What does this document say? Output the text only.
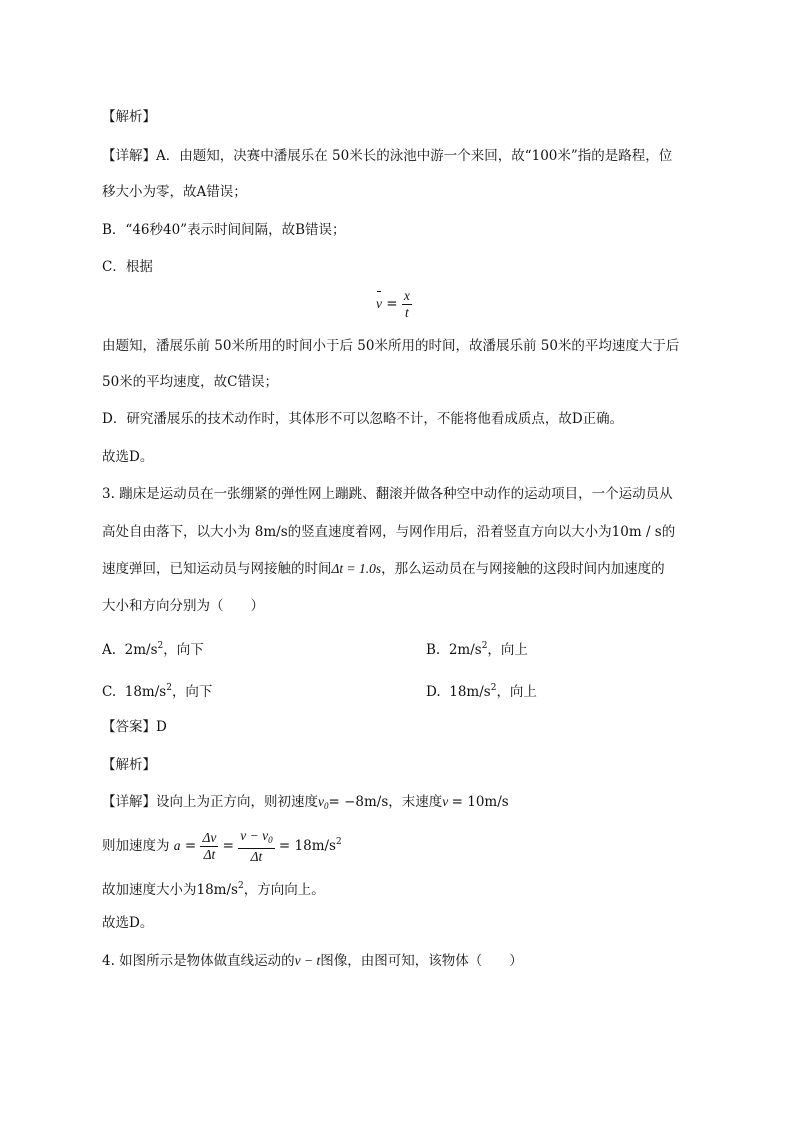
【解析】
【详解】A．由题知，决赛中潘展乐在 50米长的泳池中游一个来回，故“100米”指的是路程，位
移大小为零，故A错误；
B．“46秒40”表示时间间隔，故B错误；
C．根据
$v = \frac{x}{t}$
由题知，潘展乐前 50米所用的时间小于后 50米所用的时间，故潘展乐前 50米的平均速度大于后
50米的平均速度，故C错误；
D．研究潘展乐的技术动作时，其体形不可以忽略不计，不能将他看成质点，故D正确。
故选D。
3. 蹦床是运动员在一张绷紧的弹性网上蹦跳、翻滚并做各种空中动作的运动项目，一个运动员从
高处自由落下，以大小为 8m/s的竖直速度着网，与网作用后，沿着竖直方向以大小为10m / s的
速度弹回，已知运动员与网接触的时间Δt = 1.0s，那么运动员在与网接触的这段时间内加速度的
大小和方向分别为（　　）
A. $2m/s^2$，向下	B. $2m/s^2$，向上
C. $18m/s^2$，向下	D. $18m/s^2$，向上
【答案】D
【解析】
【详解】设向上为正方向，则初速度$v_0= -8m/s$，末速度v = 10m/s
则加速度为 $a = \frac{\Delta v}{\Delta t} = \frac{v - v_0}{\Delta t} = 18m/s^2$
故加速度大小为$18m/s^2$，方向向上。
故选D。
4. 如图所示是物体做直线运动的v − t图像，由图可知，该物体（　　）
